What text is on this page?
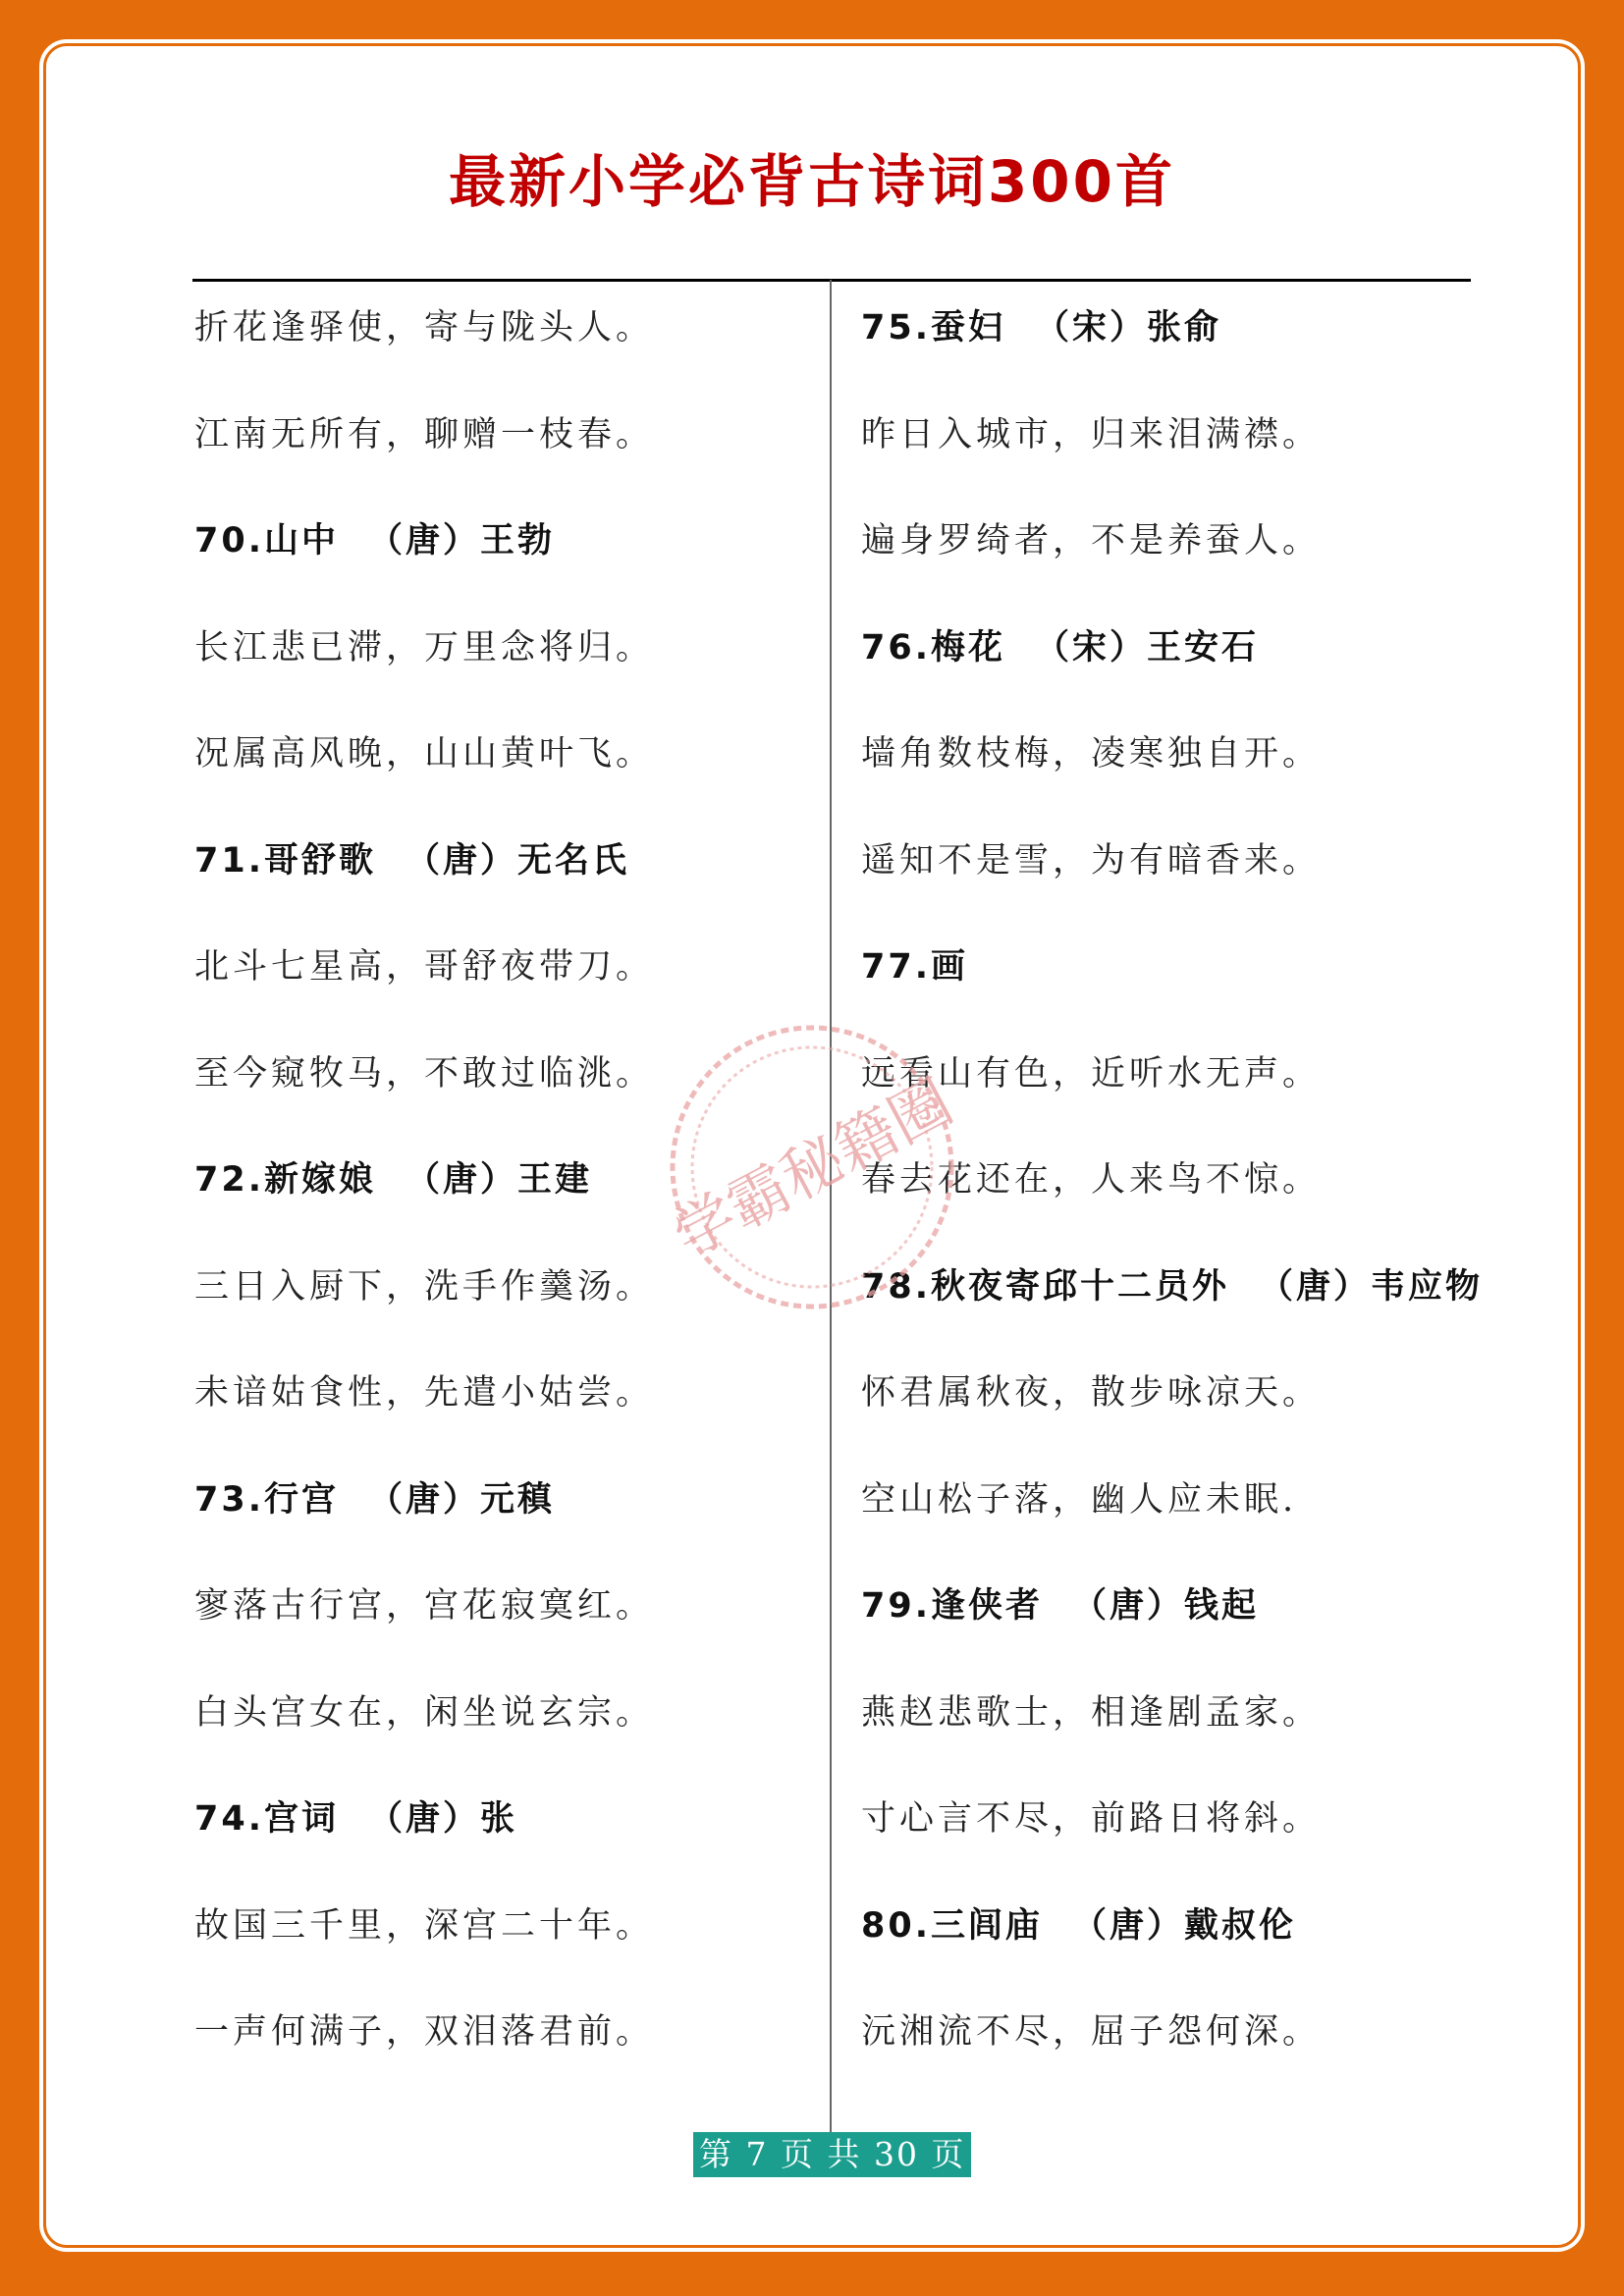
最新小学必背古诗词300首
折花逢驿使，寄与陇头人。
江南无所有，聊赠一枝春。
70.山中 （唐）王勃
长江悲已滞，万里念将归。
况属高风晚，山山黄叶飞。
71.哥舒歌 （唐）无名氏
北斗七星高，哥舒夜带刀。
至今窥牧马，不敢过临洮。
72.新嫁娘 （唐）王建
三日入厨下，洗手作羹汤。
未谙姑食性，先遣小姑尝。
73.行宫 （唐）元稹
寥落古行宫，宫花寂寞红。
白头宫女在，闲坐说玄宗。
74.宫词 （唐）张
故国三千里，深宫二十年。
一声何满子，双泪落君前。
75.蚕妇 （宋）张俞
昨日入城市，归来泪满襟。
遍身罗绮者，不是养蚕人。
76.梅花 （宋）王安石
墙角数枝梅，凌寒独自开。
遥知不是雪，为有暗香来。
77.画
远看山有色，近听水无声。
春去花还在，人来鸟不惊。
78.秋夜寄邱十二员外 （唐）韦应物
怀君属秋夜，散步咏凉天。
空山松子落，幽人应未眠.
79.逢侠者 （唐）钱起
燕赵悲歌士，相逢剧孟家。
寸心言不尽，前路日将斜。
80.三闾庙 （唐）戴叔伦
沅湘流不尽，屈子怨何深。
学霸秘籍圈
第 7 页 共 30 页
